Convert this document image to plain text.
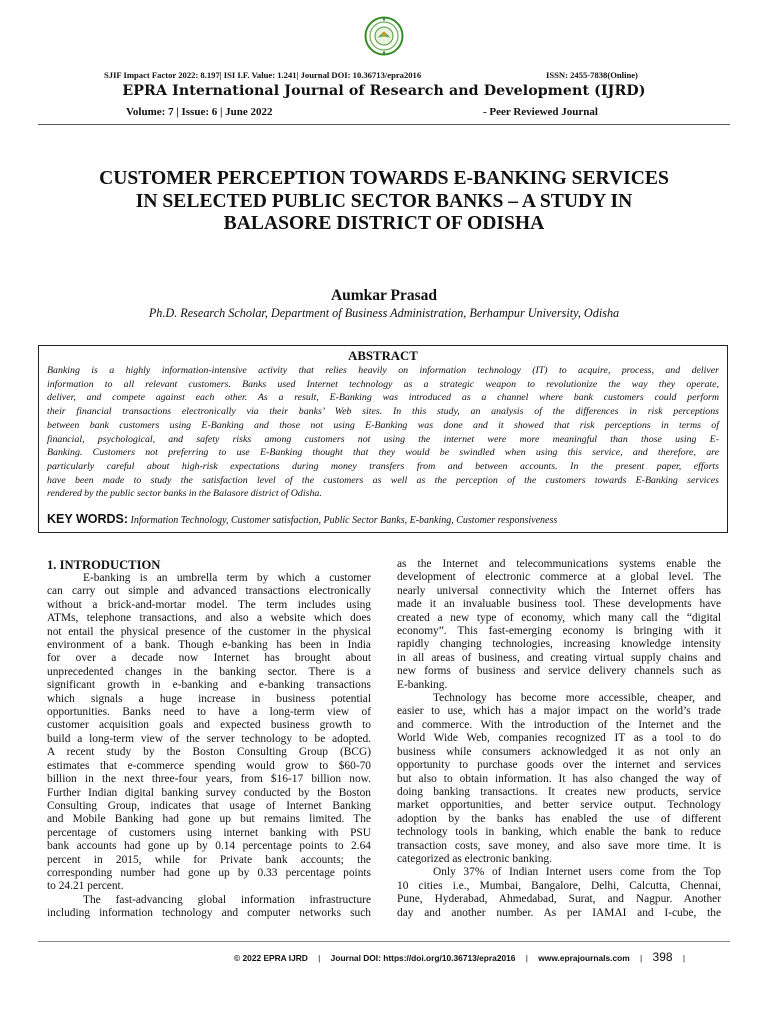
SJIF Impact Factor 2022: 8.197| ISI I.F. Value: 1.241| Journal DOI: 10.36713/epra2016	ISSN: 2455-7838(Online)
EPRA International Journal of Research and Development (IJRD)
Volume: 7 | Issue: 6 | June 2022	- Peer Reviewed Journal
CUSTOMER PERCEPTION TOWARDS E-BANKING SERVICES
IN SELECTED PUBLIC SECTOR BANKS – A STUDY IN
BALASORE DISTRICT OF ODISHA
Aumkar Prasad
Ph.D. Research Scholar, Department of Business Administration, Berhampur University, Odisha
ABSTRACT
Banking is a highly information-intensive activity that relies heavily on information technology (IT) to acquire, process, and deliver
information to all relevant customers. Banks used Internet technology as a strategic weapon to revolutionize the way they operate,
deliver, and compete against each other. As a result, E-Banking was introduced as a channel where bank customers could perform
their financial transactions electronically via their banks’ Web sites. In this study, an analysis of the differences in risk perceptions
between bank customers using E-Banking and those not using E-Banking was done and it showed that risk perceptions in terms of
financial, psychological, and safety risks among customers not using the internet were more meaningful than those using E-
Banking. Customers not preferring to use E-Banking thought that they would be swindled when using this service, and therefore, are
particularly careful about high-risk expectations during money transfers from and between accounts. In the present paper, efforts
have been made to study the satisfaction level of the customers as well as the perception of the customers towards E-Banking services
rendered by the public sector banks in the Balasore district of Odisha.
KEY WORDS: Information Technology, Customer satisfaction, Public Sector Banks, E-banking, Customer responsiveness
1. INTRODUCTION
E-banking is an umbrella term by which a customer
can carry out simple and advanced transactions electronically
without a brick-and-mortar model. The term includes using
ATMs, telephone transactions, and also a website which does
not entail the physical presence of the customer in the physical
environment of a bank. Though e-banking has been in India
for over a decade now Internet has brought about
unprecedented changes in the banking sector. There is a
significant growth in e-banking and e-banking transactions
which signals a huge increase in business potential
opportunities. Banks need to have a long-term view of
customer acquisition goals and expected business growth to
build a long-term view of the server technology to be adopted.
A recent study by the Boston Consulting Group (BCG)
estimates that e-commerce spending would grow to $60-70
billion in the next three-four years, from $16-17 billion now.
Further Indian digital banking survey conducted by the Boston
Consulting Group, indicates that usage of Internet Banking
and Mobile Banking had gone up but remains limited. The
percentage of customers using internet banking with PSU
bank accounts had gone up by 0.14 percentage points to 2.64
percent in 2015, while for Private bank accounts; the
corresponding number had gone up by 0.33 percentage points
to 24.21 percent.
The fast-advancing global information infrastructure
including information technology and computer networks such
as the Internet and telecommunications systems enable the
development of electronic commerce at a global level. The
nearly universal connectivity which the Internet offers has
made it an invaluable business tool. These developments have
created a new type of economy, which many call the “digital
economy”. This fast-emerging economy is bringing with it
rapidly changing technologies, increasing knowledge intensity
in all areas of business, and creating virtual supply chains and
new forms of business and service delivery channels such as
E-banking.
Technology has become more accessible, cheaper, and
easier to use, which has a major impact on the world’s trade
and commerce. With the introduction of the Internet and the
World Wide Web, companies recognized IT as a tool to do
business while consumers acknowledged it as not only an
opportunity to purchase goods over the internet and services
but also to obtain information. It has also changed the way of
doing banking transactions. It creates new products, service
market opportunities, and better service output. Technology
adoption by the banks has enabled the use of different
technology tools in banking, which enable the bank to reduce
transaction costs, save money, and also save more time. It is
categorized as electronic banking.
Only 37% of Indian Internet users come from the Top
10 cities i.e., Mumbai, Bangalore, Delhi, Calcutta, Chennai,
Pune, Hyderabad, Ahmedabad, Surat, and Nagpur. Another
day and another number. As per IAMAI and I-cube, the
© 2022 EPRA IJRD | Journal DOI: https://doi.org/10.36713/epra2016 | www.eprajournals.com | 398 |
